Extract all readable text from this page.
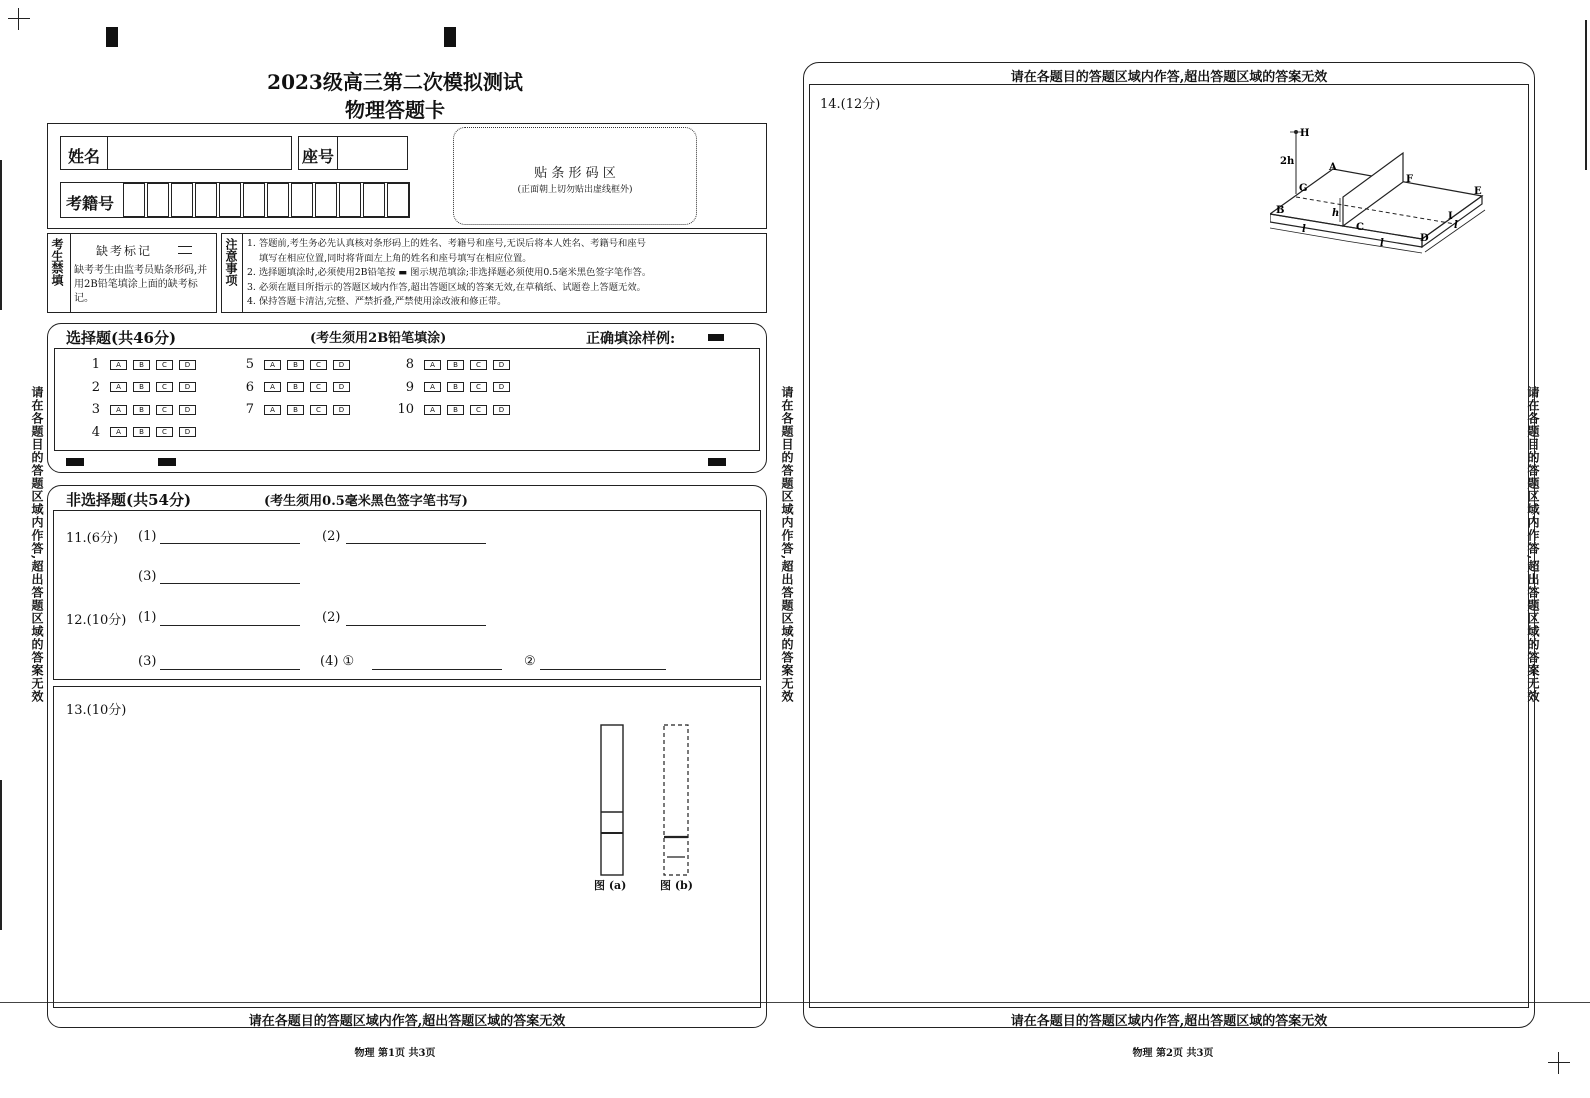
2023级高三第二次模拟测试
物理答题卡
姓名	座号
考籍号
贴 条 形 码 区
(正面朝上切勿贴出虚线框外)
考生禁填	缺考标记
缺考考生由监考员贴条形码,并用2B铅笔填涂上面的缺考标记。
注意事项 1. 答题前,考生务必先认真核对条形码上的姓名、考籍号和座号,无误后将本人姓名、考籍号和座号
填写在相应位置,同时将背面左上角的姓名和座号填写在相应位置。
2. 选择题填涂时,必须使用2B铅笔按 ▬ 图示规范填涂;非选择题必须使用0.5毫米黑色签字笔作答。
3. 必须在题目所指示的答题区域内作答,超出答题区域的答案无效,在草稿纸、试题卷上答题无效。
4. 保持答题卡清洁,完整、严禁折叠,严禁使用涂改液和修正带。
选择题(共46分)	(考生须用2B铅笔填涂)	正确填涂样例:
1	A	B	C	D
2	A	B	C	D
3	A	B	C	D
4	A	B	C	D
5	A	B	C	D
6	A	B	C	D
7	A	B	C	D
8	A	B	C	D
9	A	B	C	D
10	A	B	C	D
非选择题(共54分)	(考生须用0.5毫米黑色签字笔书写)
请在各题目的答题区域内作答,超出答题区域的答案无效
11.(6分) (1)	(2)
(3)
12.(10分) (1)	(2)
(3)	(4) ①	②
13.(10分)
图 (a)	图 (b)
物理 第1页 共3页
请在各题目的答题区域内作答,超出答题区域的答案无效	请在各题目的答题区域内作答,超出答题区域的答案无效	请在各题目的答题区域内作答,超出答题区域的答案无效
请在各题目的答题区域内作答,超出答题区域的答案无效
请在各题目的答题区域内作答,超出答题区域的答案无效
14.(12分)
H
2h
A
F
E
G
B	h
C
I
D
l
l
l
物理 第2页 共3页
